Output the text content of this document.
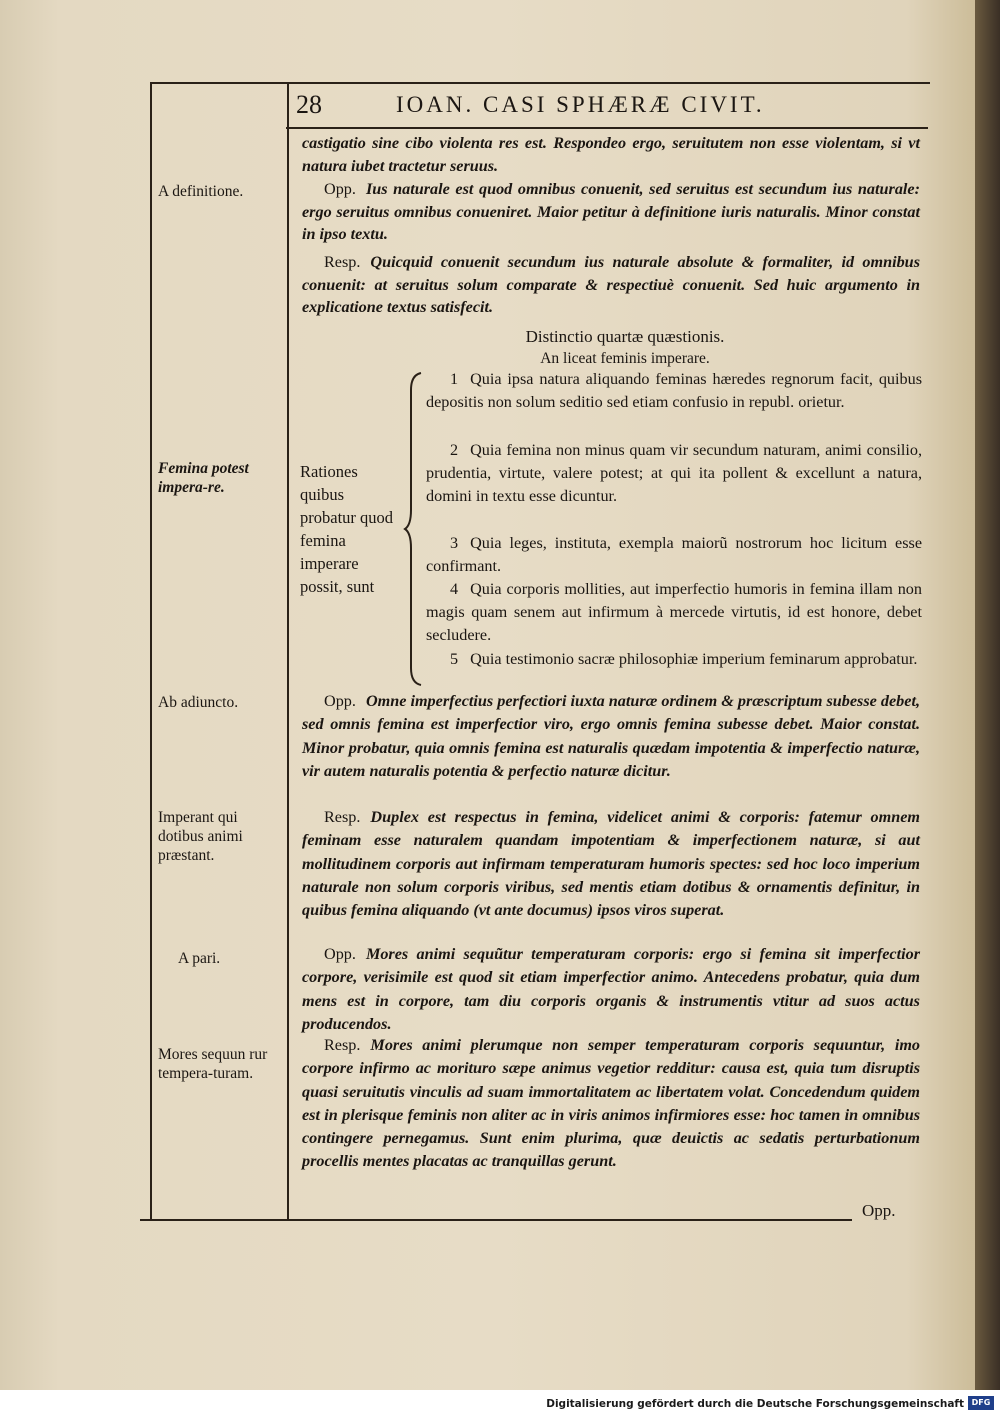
28	IOAN. CASI SPHÆRÆ CIVIT.
A definitione.
Femina potest impera-re.
Ab adiuncto.
Imperant qui dotibus animi præstant.
A pari.
Mores sequun rur tempera-turam.
castigatio sine cibo violenta res est. Respondeo ergo, seruitutem non esse violentam, si vt natura iubet tractetur seruus.
Opp. Ius naturale est quod omnibus conuenit, sed seruitus est secundum ius naturale: ergo seruitus omnibus conueniret. Maior petitur à definitione iuris naturalis. Minor constat in ipso textu.
Resp. Quicquid conuenit secundum ius naturale absolute & formaliter, id omnibus conuenit: at seruitus solum comparate & respectiuè conuenit. Sed huic argumento in explicatione textus satisfecit.
Distinctio quartæ quæstionis.
An liceat feminis imperare.
Rationes quibus probatur quod femina imperare possit, sunt
1 Quia ipsa natura aliquando feminas hæredes regnorum facit, quibus depositis non solum seditio sed etiam confusio in republ. orietur.
2 Quia femina non minus quam vir secundum naturam, animi consilio, prudentia, virtute, valere potest; at qui ita pollent & excellunt a natura, domini in textu esse dicuntur.
3 Quia leges, instituta, exempla maiorũ nostrorum hoc licitum esse confirmant.
4 Quia corporis mollities, aut imperfectio humoris in femina illam non magis quam senem aut infirmum à mercede virtutis, id est honore, debet secludere.
5 Quia testimonio sacræ philosophiæ imperium feminarum approbatur.
Opp. Omne imperfectius perfectiori iuxta naturæ ordinem & præscriptum subesse debet, sed omnis femina est imperfectior viro, ergo omnis femina subesse debet. Maior constat. Minor probatur, quia omnis femina est naturalis quædam impotentia & imperfectio naturæ, vir autem naturalis potentia & perfectio naturæ dicitur.
Resp. Duplex est respectus in femina, videlicet animi & corporis: fatemur omnem feminam esse naturalem quandam impotentiam & imperfectionem naturæ, si aut mollitudinem corporis aut infirmam temperaturam humoris spectes: sed hoc loco imperium naturale non solum corporis viribus, sed mentis etiam dotibus & ornamentis definitur, in quibus femina aliquando (vt ante documus) ipsos viros superat.
Opp. Mores animi sequũtur temperaturam corporis: ergo si femina sit imperfectior corpore, verisimile est quod sit etiam imperfectior animo. Antecedens probatur, quia dum mens est in corpore, tam diu corporis organis & instrumentis vtitur ad suos actus producendos.
Resp. Mores animi plerumque non semper temperaturam corporis sequuntur, imo corpore infirmo ac morituro sæpe animus vegetior redditur: causa est, quia tum disruptis quasi seruitutis vinculis ad suam immortalitatem ac libertatem volat. Concedendum quidem est in plerisque feminis non aliter ac in viris animos infirmiores esse: hoc tamen in omnibus contingere pernegamus. Sunt enim plurima, quæ deuictis ac sedatis perturbationum procellis mentes placatas ac tranquillas gerunt.
Opp.
Digitalisierung gefördert durch die Deutsche Forschungsgemeinschaft DFG
